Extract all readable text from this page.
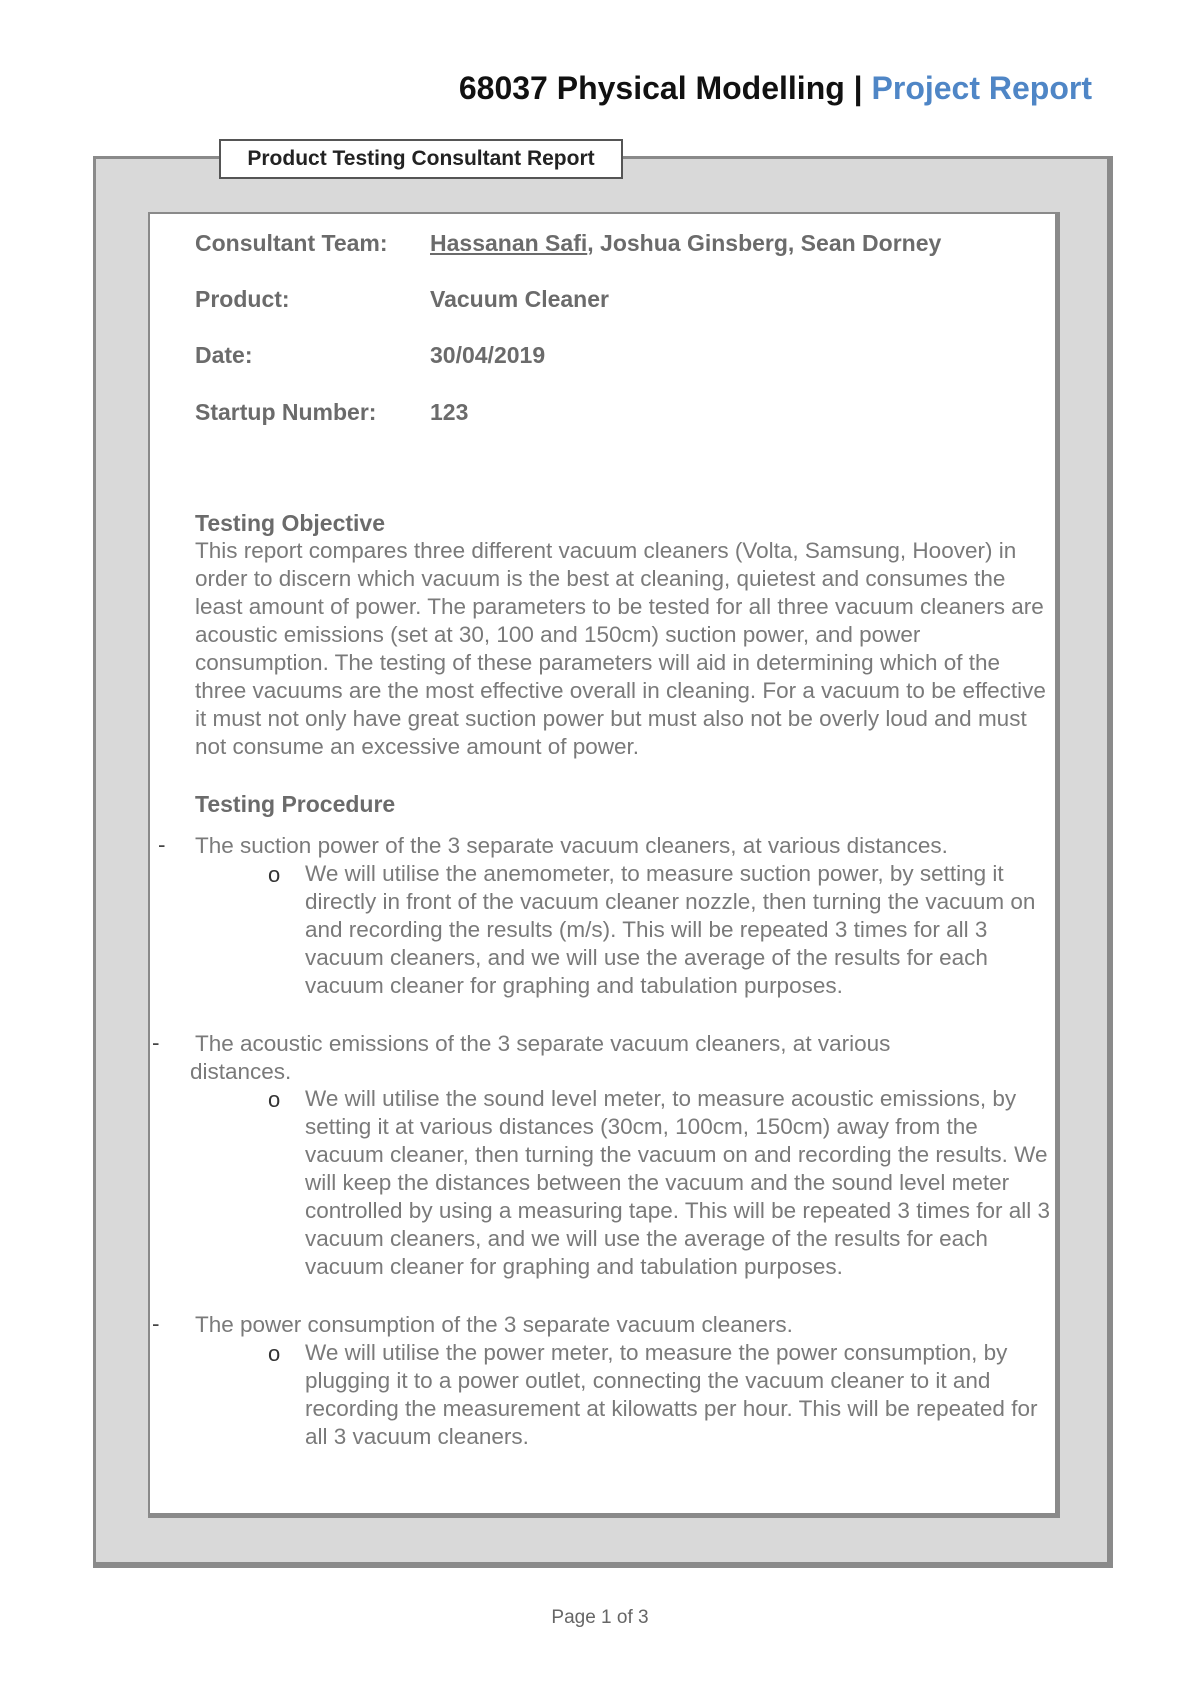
68037 Physical Modelling | Project Report
Product Testing Consultant Report
Consultant Team: Hassanan Safi, Joshua Ginsberg, Sean Dorney
Product:	Vacuum Cleaner
Date:	30/04/2019
Startup Number: 123
Testing Objective

This report compares three different vacuum cleaners (Volta, Samsung, Hoover) in order to discern which vacuum is the best at cleaning, quietest and consumes the least amount of power. The parameters to be tested for all three vacuum cleaners are acoustic emissions (set at 30, 100 and 150cm) suction power, and power consumption. The testing of these parameters will aid in determining which of the three vacuums are the most effective overall in cleaning. For a vacuum to be effective it must not only have great suction power but must also not be overly loud and must not consume an excessive amount of power.

Testing Procedure
- The suction power of the 3 separate vacuum cleaners, at various distances.
o We will utilise the anemometer, to measure suction power, by setting it directly in front of the vacuum cleaner nozzle, then turning the vacuum on and recording the results (m/s). This will be repeated 3 times for all 3 vacuum cleaners, and we will use the average of the results for each vacuum cleaner for graphing and tabulation purposes.
- The acoustic emissions of the 3 separate vacuum cleaners, at various distances.
o We will utilise the sound level meter, to measure acoustic emissions, by setting it at various distances (30cm, 100cm, 150cm) away from the vacuum cleaner, then turning the vacuum on and recording the results. We will keep the distances between the vacuum and the sound level meter controlled by using a measuring tape. This will be repeated 3 times for all 3 vacuum cleaners, and we will use the average of the results for each vacuum cleaner for graphing and tabulation purposes.
- The power consumption of the 3 separate vacuum cleaners.
o We will utilise the power meter, to measure the power consumption, by plugging it to a power outlet, connecting the vacuum cleaner to it and recording the measurement at kilowatts per hour. This will be repeated for all 3 vacuum cleaners.
Page 1 of 3
